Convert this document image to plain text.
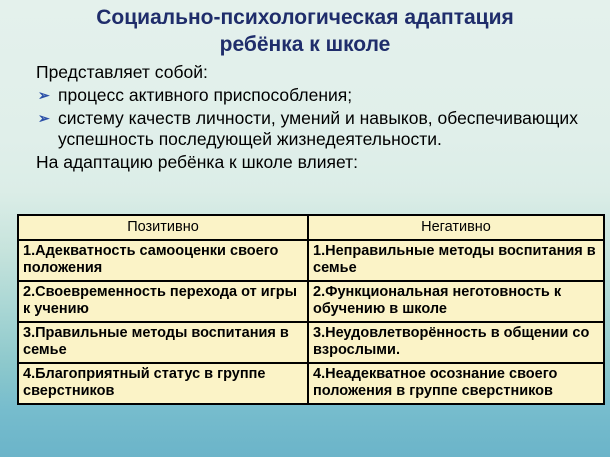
Социально-психологическая адаптация
ребёнка к школе
Представляет собой:
➢ процесс активного приспособления;
➢ систему качеств личности, умений и навыков, обеспечивающих успешность последующей жизнедеятельности.
На адаптацию ребёнка к школе влияет:
Позитивно	Негативно
1.Адекватность самооценки своего положения	1.Неправильные методы воспитания в семье
2.Своевременность перехода от игры к учению	2.Функциональная неготовность к обучению в школе
3.Правильные методы воспитания в семье	3.Неудовлетворённость в общении со взрослыми.
4.Благоприятный статус в группе сверстников	4.Неадекватное осознание своего положения в группе сверстников
